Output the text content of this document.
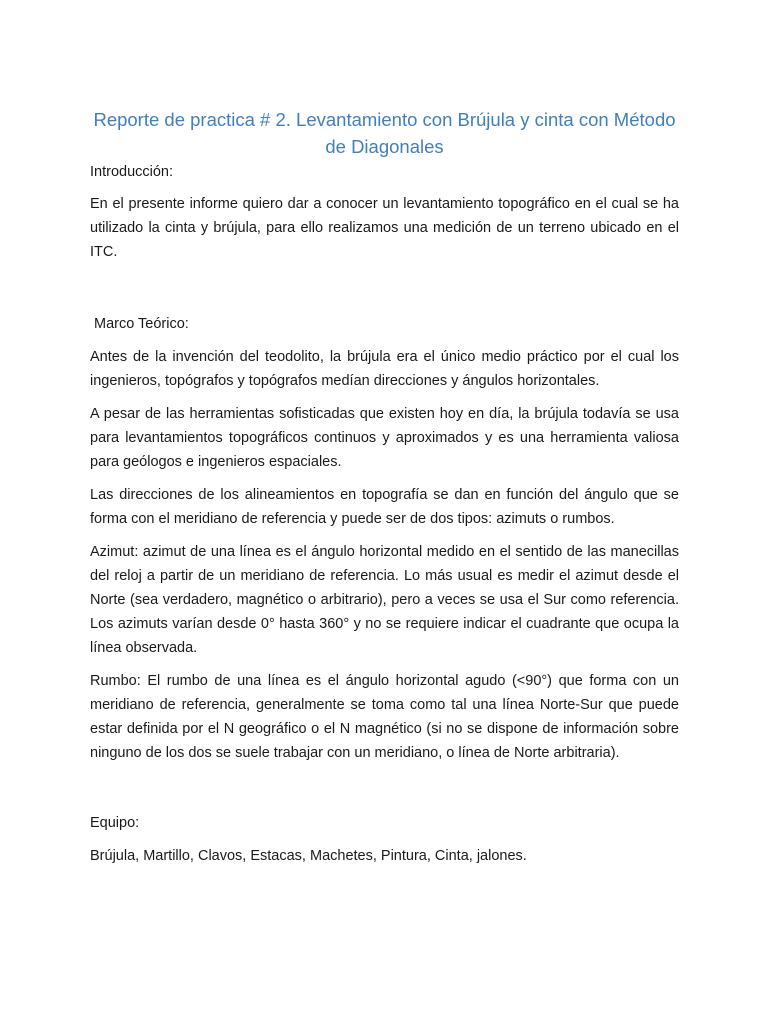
Reporte de practica # 2. Levantamiento con Brújula y cinta con Método de Diagonales
Introducción:

En el presente informe quiero dar a conocer un levantamiento topográfico en el cual se ha utilizado la cinta y brújula, para ello realizamos una medición de un terreno ubicado en el ITC.

Marco Teórico:

Antes de la invención del teodolito, la brújula era el único medio práctico por el cual los ingenieros, topógrafos y topógrafos medían direcciones y ángulos horizontales.

A pesar de las herramientas sofisticadas que existen hoy en día, la brújula todavía se usa para levantamientos topográficos continuos y aproximados y es una herramienta valiosa para geólogos e ingenieros espaciales.

Las direcciones de los alineamientos en topografía se dan en función del ángulo que se forma con el meridiano de referencia y puede ser de dos tipos: azimuts o rumbos.

Azimut: azimut de una línea es el ángulo horizontal medido en el sentido de las manecillas del reloj a partir de un meridiano de referencia. Lo más usual es medir el azimut desde el Norte (sea verdadero, magnético o arbitrario), pero a veces se usa el Sur como referencia. Los azimuts varían desde 0° hasta 360° y no se requiere indicar el cuadrante que ocupa la línea observada.

Rumbo: El rumbo de una línea es el ángulo horizontal agudo (<90°) que forma con un meridiano de referencia, generalmente se toma como tal una línea Norte-Sur que puede estar definida por el N geográfico o el N magnético (si no se dispone de información sobre ninguno de los dos se suele trabajar con un meridiano, o línea de Norte arbitraria).

Equipo:

Brújula, Martillo, Clavos, Estacas, Machetes, Pintura, Cinta, jalones.
